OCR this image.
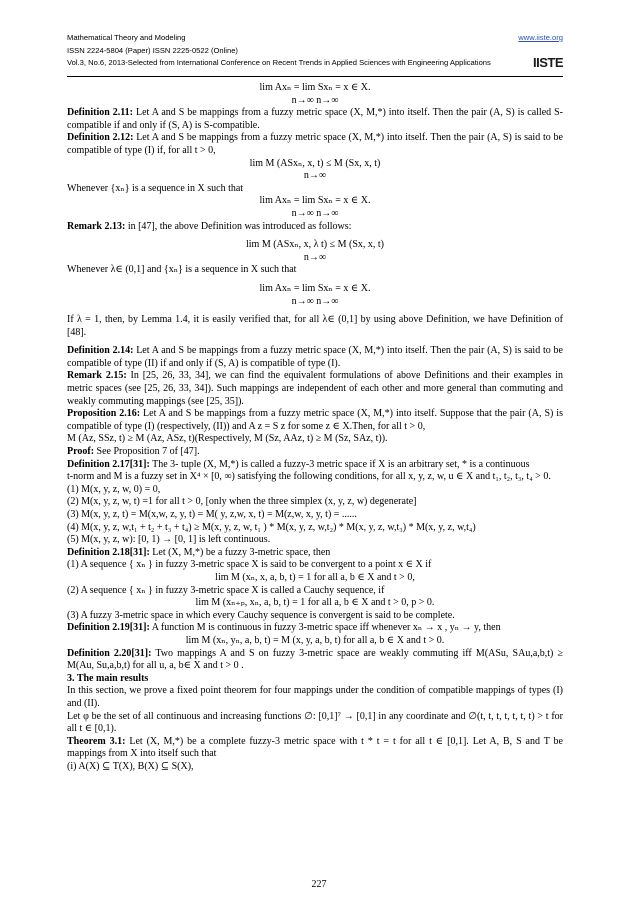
Mathematical Theory and Modeling
ISSN 2224-5804 (Paper) ISSN 2225-0522 (Online)
Vol.3, No.6, 2013-Selected from International Conference on Recent Trends in Applied Sciences with Engineering Applications
www.iiste.org
IISTE

lim Axₙ = lim Sxₙ = x ∈ X.

n→∞ n→∞

Definition 2.11: Let A and S be mappings from a fuzzy metric space (X, M,*) into itself. Then the pair (A, S) is called S-compatible if and only if (S, A) is S-compatible.

Definition 2.12: Let A and S be mappings from a fuzzy metric space (X, M,*) into itself. Then the pair (A, S) is said to be compatible of type (I) if, for all t > 0,

lim M (ASxₙ, x, t) ≤ M (Sx, x, t)

n→∞

Whenever {xₙ} is a sequence in X such that

lim Axₙ = lim Sxₙ = x ∈ X.

n→∞ n→∞

Remark 2.13: in [47], the above Definition was introduced as follows:

lim M (ASxₙ, x, λ t) ≤ M (Sx, x, t)

n→∞

Whenever λ∈ (0,1] and {xₙ} is a sequence in X such that

lim Axₙ = lim Sxₙ = x ∈ X.

n→∞ n→∞

If λ = 1, then, by Lemma 1.4, it is easily verified that, for all λ∈ (0,1] by using above Definition, we have Definition of [48].

Definition 2.14: Let A and S be mappings from a fuzzy metric space (X, M,*) into itself. Then the pair (A, S) is said to be compatible of type (II) if and only if (S, A) is compatible of type (I).

Remark 2.15: In [25, 26, 33, 34], we can find the equivalent formulations of above Definitions and their examples in metric spaces (see [25, 26, 33, 34]). Such mappings are independent of each other and more general than commuting and weakly commuting mappings (see [25, 35]).

Proposition 2.16: Let A and S be mappings from a fuzzy metric space (X, M,*) into itself. Suppose that the pair (A, S) is compatible of type (I) (respectively, (II)) and A z = S z for some z ∈ X.Then, for all t > 0,

M (Az, SSz, t) ≥ M (Az, ASz, t)(Respectively, M (Sz, AAz, t) ≥ M (Sz, SAz, t)).

Proof: See Proposition 7 of [47].

Definition 2.17[31]: The 3- tuple (X, M,*) is called a fuzzy-3 metric space if X is an arbitrary set, * is a continuous

t-norm and M is a fuzzy set in X⁴ × [0, ∞) satisfying the following conditions, for all x, y, z, w, u ∈ X and t₁, t₂, t₃, t₄ > 0.

(1) M(x, y, z, w, 0) = 0,

(2) M(x, y, z, w, t) =1 for all t > 0, [only when the three simplex (x, y, z, w) degenerate]

(3) M(x, y, z, t) = M(x,w, z, y, t) = M( y, z,w, x, t) = M(z,w, x, y, t) = ......

(4) M(x, y, z, w,t₁ + t₂ + t₃ + t₄) ≥ M(x, y, z, w, t₁ ) * M(x, y, z, w,t₂) * M(x, y, z, w,t₃) * M(x, y, z, w,t₄)

(5) M(x, y, z, w): [0, 1) → [0, 1] is left continuous.

Definition 2.18[31]: Let (X, M,*) be a fuzzy 3-metric space, then

(1) A sequence { xₙ } in fuzzy 3-metric space X is said to be convergent to a point x ∈ X if

lim M (xₙ, x, a, b, t) = 1 for all a, b ∈ X and t > 0,

(2) A sequence { xₙ } in fuzzy 3-metric space X is called a Cauchy sequence, if

lim M (xₙ₊ₚ, xₙ, a, b, t) = 1 for all a, b ∈ X and t > 0, p > 0.

(3) A fuzzy 3-metric space in which every Cauchy sequence is convergent is said to be complete.

Definition 2.19[31]: A function M is continuous in fuzzy 3-metric space iff whenever xₙ → x , yₙ → y, then

lim M (xₙ, yₙ, a, b, t) = M (x, y, a, b, t) for all a, b ∈ X and t > 0.

Definition 2.20[31]: Two mappings A and S on fuzzy 3-metric space are weakly commuting iff M(ASu, SAu,a,b,t) ≥ M(Au, Su,a,b,t) for all u, a, b∈ X and t > 0 .

3. The main results

In this section, we prove a fixed point theorem for four mappings under the condition of compatible mappings of types (I) and (II).

Let φ be the set of all continuous and increasing functions ∅: [0,1]⁷ → [0,1] in any coordinate and ∅(t, t, t, t, t, t, t) > t for all t ∈ [0,1).

Theorem 3.1: Let (X, M,*) be a complete fuzzy-3 metric space with t * t = t for all t ∈ [0,1]. Let A, B, S and T be mappings from X into itself such that

(i) A(X) ⊆ T(X), B(X) ⊆ S(X),

227
